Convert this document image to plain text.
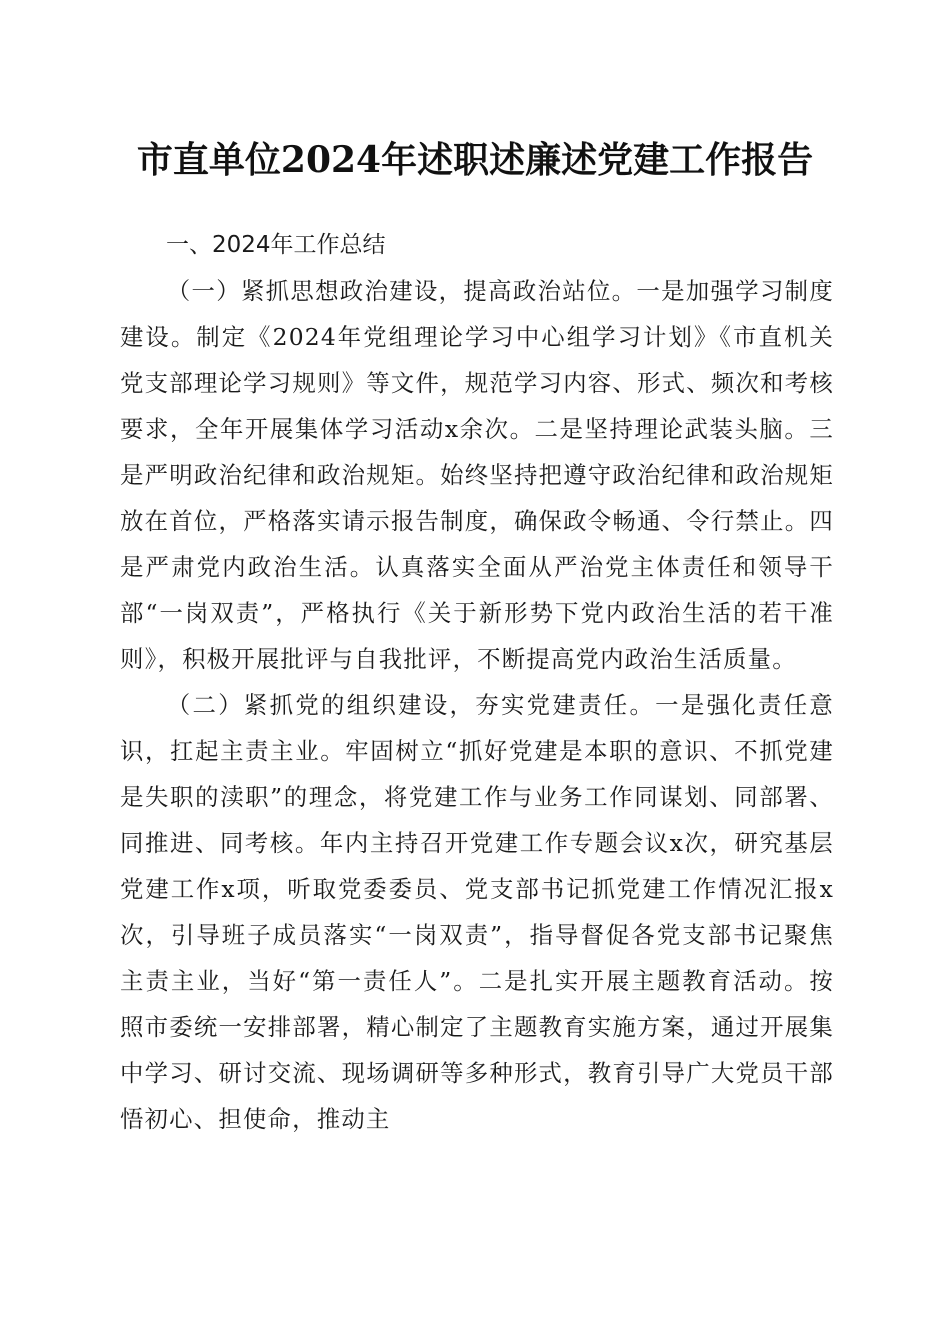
市直单位2024年述职述廉述党建工作报告

一、2024年工作总结

（一）紧抓思想政治建设，提高政治站位。一是加强学习制度建设。制定《2024年党组理论学习中心组学习计划》《市直机关党支部理论学习规则》等文件，规范学习内容、形式、频次和考核要求，全年开展集体学习活动x余次。二是坚持理论武装头脑。三是严明政治纪律和政治规矩。始终坚持把遵守政治纪律和政治规矩放在首位，严格落实请示报告制度，确保政令畅通、令行禁止。四是严肃党内政治生活。认真落实全面从严治党主体责任和领导干部“一岗双责”，严格执行《关于新形势下党内政治生活的若干准则》，积极开展批评与自我批评，不断提高党内政治生活质量。

（二）紧抓党的组织建设，夯实党建责任。一是强化责任意识，扛起主责主业。牢固树立“抓好党建是本职的意识、不抓党建是失职的渎职”的理念，将党建工作与业务工作同谋划、同部署、同推进、同考核。年内主持召开党建工作专题会议x次，研究基层党建工作x项，听取党委委员、党支部书记抓党建工作情况汇报x次，引导班子成员落实“一岗双责”，指导督促各党支部书记聚焦主责主业，当好“第一责任人”。二是扎实开展主题教育活动。按照市委统一安排部署，精心制定了主题教育实施方案，通过开展集中学习、研讨交流、现场调研等多种形式，教育引导广大党员干部悟初心、担使命，推动主
